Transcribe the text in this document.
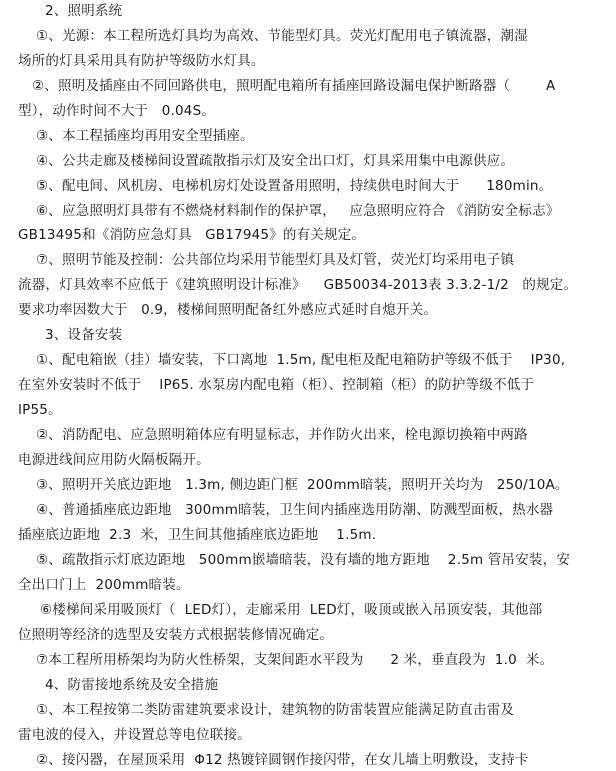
2、照明系统
①、光源：本工程所选灯具均为高效、节能型灯具。荧光灯配用电子镇流器，潮湿
场所的灯具采用具有防护等级防水灯具。
②、照明及插座由不同回路供电，照明配电箱所有插座回路设漏电保护断路器（        A
型），动作时间不大于   0.04S。
③、本工程插座均再用安全型插座。
④、公共走廊及楼梯间设置疏散指示灯及安全出口灯，灯具采用集中电源供应。
⑤、配电间、风机房、电梯机房灯处设置备用照明，持续供电时间大于      180min。
⑥、应急照明灯具带有不燃烧材料制作的保护罩，   应急照明应符合 《消防安全标志》
GB13495和《消防应急灯具   GB17945》的有关规定。
⑦、照明节能及控制：公共部位均采用节能型灯具及灯管，荧光灯均采用电子镇
流器，灯具效率不应低于《建筑照明设计标准》    GB50034-2013表 3.3.2-1/2   的规定。
要求功率因数大于   0.9，楼梯间照明配备红外感应式延时自熄开关。
3、设备安装
①、配电箱嵌（挂）墙安装，下口离地  1.5m, 配电柜及配电箱防护等级不低于    IP30,
在室外安装时不低于    IP65. 水泵房内配电箱（柜）、控制箱（柜）的防护等级不低于
IP55。
②、消防配电、应急照明箱体应有明显标志，并作防火出来，栓电源切换箱中两路
电源进线间应用防火隔板隔开。
③、照明开关底边距地   1.3m, 侧边距门框  200mm暗装，照明开关均为   250/10A。
④、普通插座底边距地   300mm暗装，卫生间内插座选用防潮、防溅型面板，热水器
插座底边距地  2.3  米，卫生间其他插座底边距地    1.5m.
⑤、疏散指示灯底边距地   500mm嵌墙暗装，没有墙的地方距地    2.5m 管吊安装，安
全出口门上  200mm暗装。
⑥楼梯间采用吸顶灯（  LED灯），走廊采用  LED灯，吸顶或嵌入吊顶安装，其他部
位照明等经济的选型及安装方式根据装修情况确定。
⑦本工程所用桥架均为防火性桥架，支架间距水平段为      2 米，垂直段为  1.0  米。
4、防雷接地系统及安全措施
①、本工程按第二类防雷建筑要求设计，建筑物的防雷装置应能满足防直击雷及
雷电波的侵入，并设置总等电位联接。
②、接闪器，在屋顶采用  Φ12 热镀锌圆钢作接闪带，在女儿墙上明敷设，支持卡
